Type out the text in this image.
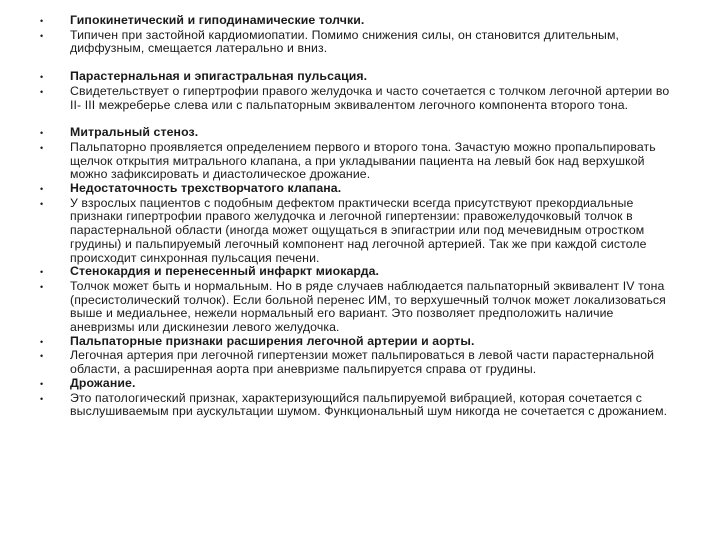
•	Гипокинетический и гиподинамические толчки.
•	Типичен при застойной кардиомиопатии. Помимо снижения силы, он становится длительным, диффузным, смещается латерально и вниз.
•	Парастернальная и эпигастральная пульсация.
•	Свидетельствует о гипертрофии правого желудочка и часто сочетается с толчком легочной артерии во II- III межреберье слева или с пальпаторным эквивалентом легочного компонента второго тона.
•	Митральный стеноз.
•	Пальпаторно проявляется определением первого и второго тона. Зачастую можно пропальпировать щелчок открытия митрального клапана, а при укладывании пациента на левый бок над верхушкой можно зафиксировать и диастолическое дрожание.
•	Недостаточность трехстворчатого клапана.
•	У взрослых пациентов с подобным дефектом практически всегда присутствуют прекордиальные признаки гипертрофии правого желудочка и легочной гипертензии: правожелудочковый толчок в парастернальной области (иногда может ощущаться в эпигастрии или под мечевидным отростком грудины) и пальпируемый легочный компонент над легочной артерией. Так же при каждой систоле происходит синхронная пульсация печени.
•	Стенокардия и перенесенный инфаркт миокарда.
•	Толчок может быть и нормальным. Но в ряде случаев наблюдается пальпаторный эквивалент IV тона (пресистолический толчок). Если больной перенес ИМ, то верхушечный толчок может локализоваться выше и медиальнее, нежели нормальный его вариант. Это позволяет предположить наличие аневризмы или дискинезии левого желудочка.
•	Пальпаторные признаки расширения легочной артерии и аорты.
•	Легочная артерия при легочной гипертензии может пальпироваться в левой части парастернальной области, а расширенная аорта при аневризме пальпируется справа от грудины.
•	Дрожание.
•	Это патологический признак, характеризующийся пальпируемой вибрацией, которая сочетается с выслушиваемым при аускультации шумом. Функциональный шум никогда не сочетается с дрожанием.
